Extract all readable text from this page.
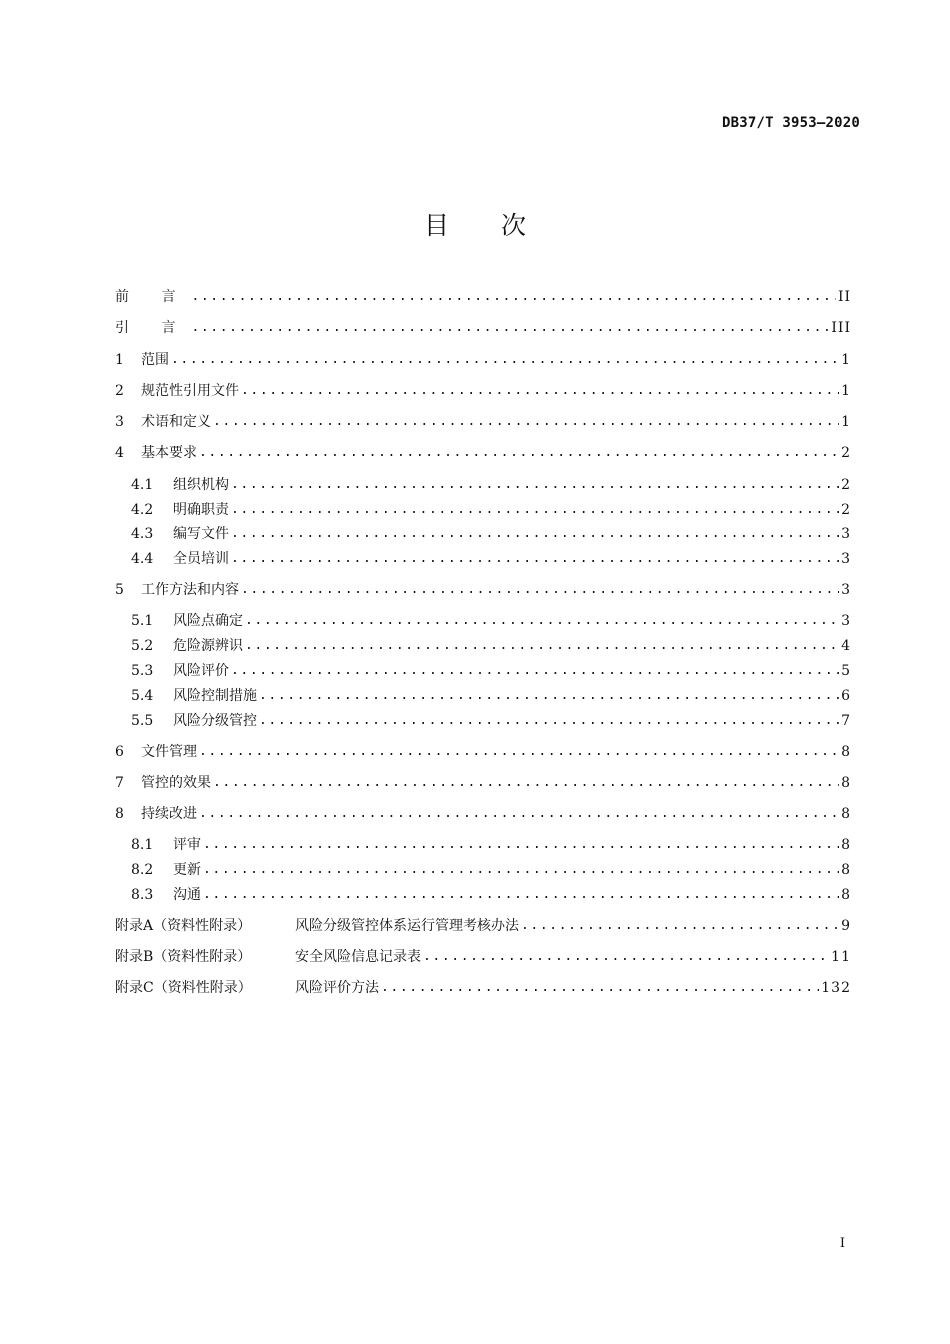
DB37/T 3953—2020
目 次
前 言 .....	II
引 言 .....	III
1	范围 .....	1
2	规范性引用文件 .....	1
3	术语和定义 .....	1
4	基本要求 .....	2
4.1	组织机构 .....	2
4.2	明确职责 .....	2
4.3	编写文件 .....	3
4.4	全员培训 .....	3
5	工作方法和内容 .....	3
5.1	风险点确定 .....	3
5.2	危险源辨识 .....	4
5.3	风险评价 .....	5
5.4	风险控制措施 .....	6
5.5	风险分级管控 .....	7
6	文件管理 .....	8
7	管控的效果 .....	8
8	持续改进 .....	8
8.1	评审 .....	8
8.2	更新 .....	8
8.3	沟通 .....	8
附录A（资料性附录）	风险分级管控体系运行管理考核办法 .....	9
附录B（资料性附录）	安全风险信息记录表 .....	11
附录C（资料性附录）	风险评价方法 .....	132
I
